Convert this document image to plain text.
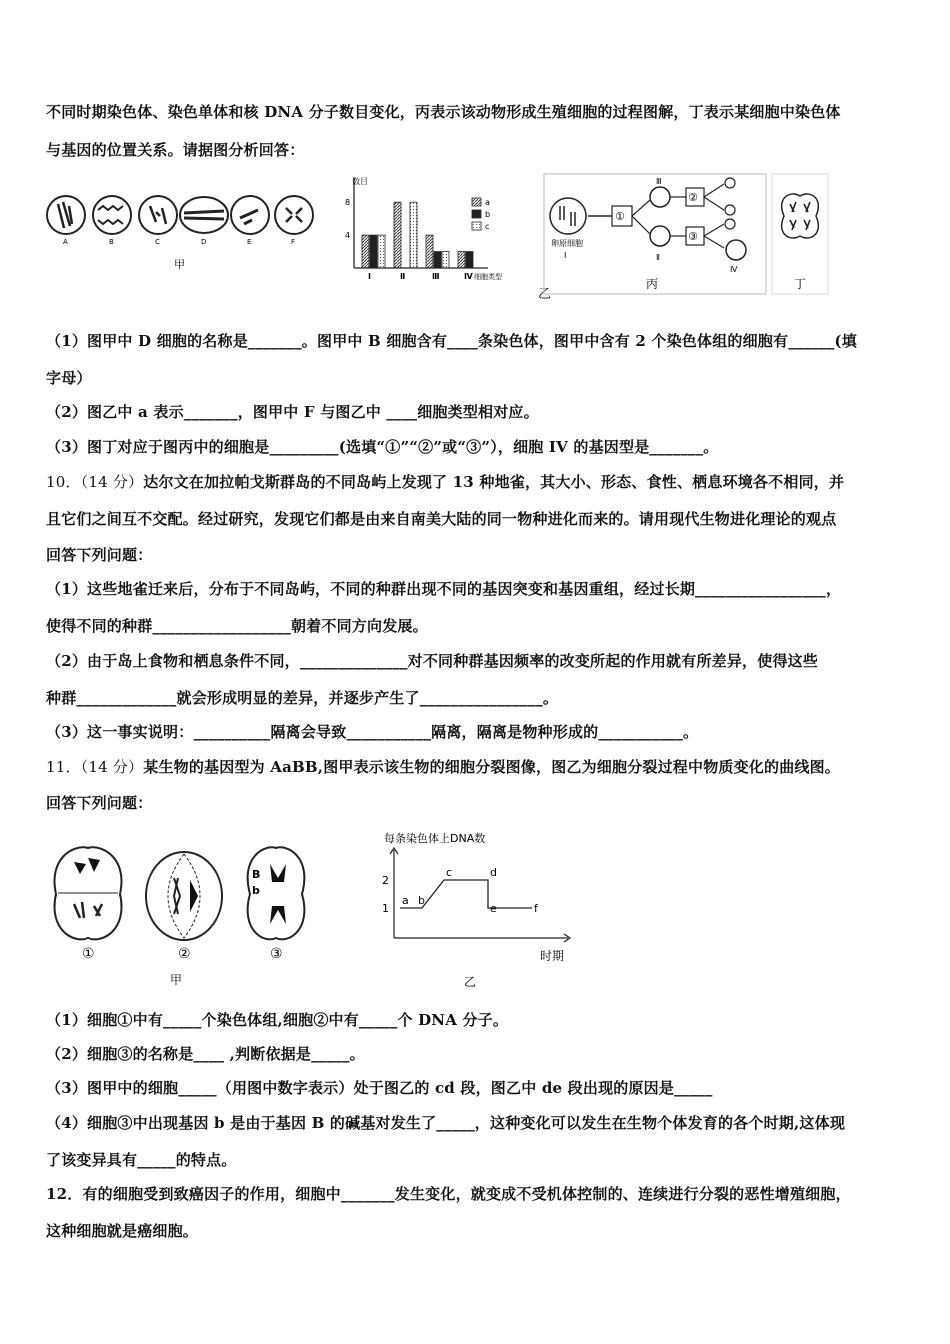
不同时期染色体、染色单体和核 DNA 分子数目变化，丙表示该动物形成生殖细胞的过程图解，丁表示某细胞中染色体
与基因的位置关系。请据图分析回答：
A	B	C	D	E	F
甲
数目
4
8
Ⅰ	Ⅱ	Ⅲ	Ⅳ 细胞类型
a
b
c
乙
卵原细胞
Ⅰ
①
Ⅱ
Ⅲ
②
③
Ⅳ
丙	丁
（1）图甲中 D 细胞的名称是_______。图甲中 B 细胞含有____条染色体，图甲中含有 2 个染色体组的细胞有______(填
字母）
（2）图乙中 a 表示_______，图甲中 F 与图乙中 ____细胞类型相对应。
（3）图丁对应于图丙中的细胞是_________(选填“①”“②”或“③”），细胞 IV 的基因型是_______。
10．（14 分）达尔文在加拉帕戈斯群岛的不同岛屿上发现了 13 种地雀，其大小、形态、食性、栖息环境各不相同，并
且它们之间互不交配。经过研究，发现它们都是由来自南美大陆的同一物种进化而来的。请用现代生物进化理论的观点
回答下列问题：
（1）这些地雀迁来后，分布于不同岛屿，不同的种群出现不同的基因突变和基因重组，经过长期_________________，
使得不同的种群__________________朝着不同方向发展。
（2）由于岛上食物和栖息条件不同，______________对不同种群基因频率的改变所起的作用就有所差异，使得这些
种群_____________就会形成明显的差异，并逐步产生了________________。
（3）这一事实说明：__________隔离会导致___________隔离，隔离是物种形成的___________。
11．（14 分）某生物的基因型为 AaBB,图甲表示该生物的细胞分裂图像，图乙为细胞分裂过程中物质变化的曲线图。
回答下列问题：
①	②
B
b
③
甲
每条染色体上DNA数
时期
1
2
a b
c	d
e	f
乙
（1）细胞①中有_____个染色体组,细胞②中有_____个 DNA 分子。
（2）细胞③的名称是____ ,判断依据是_____。
（3）图甲中的细胞_____（用图中数字表示）处于图乙的 cd 段，图乙中 de 段出现的原因是_____
（4）细胞③中出现基因 b 是由于基因 B 的碱基对发生了_____，这种变化可以发生在生物个体发育的各个时期,这体现
了该变异具有_____的特点。
12．有的细胞受到致癌因子的作用，细胞中_______发生变化，就变成不受机体控制的、连续进行分裂的恶性增殖细胞，
这种细胞就是癌细胞。
